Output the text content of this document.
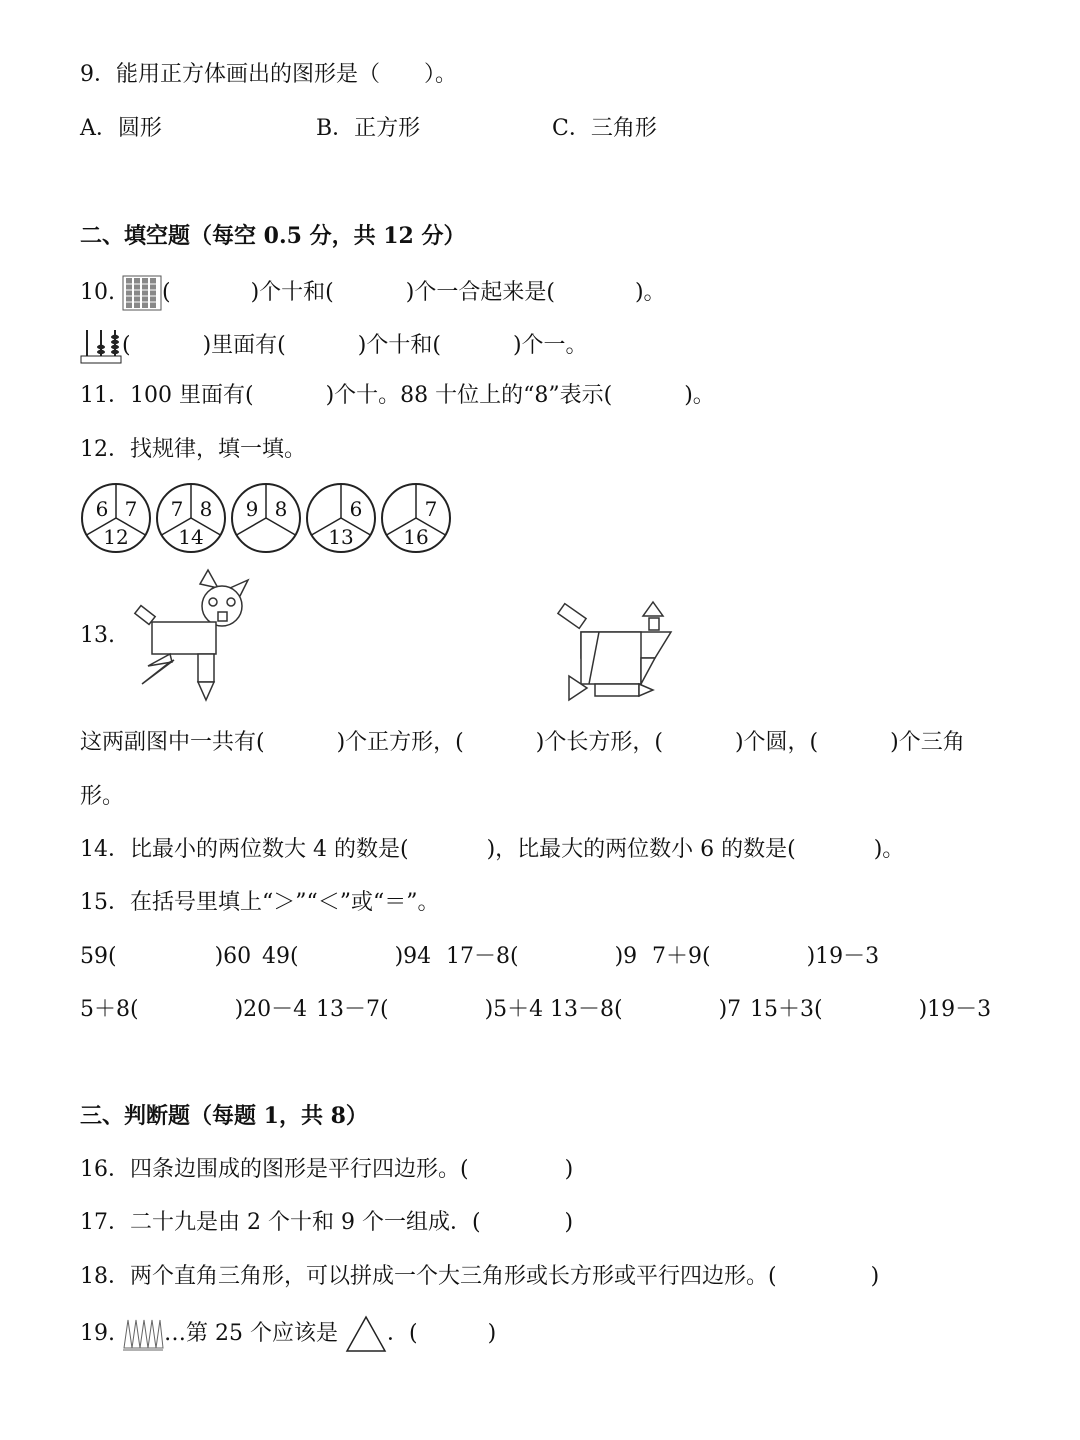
9．能用正方体画出的图形是（　　）。
A．圆形	B．正方形	C．三角形
二、填空题（每空 0.5 分，共 12 分）
10. (	)个十和(	)个一合起来是(	)。
(	)里面有(	)个十和(	)个一。
11．100 里面有(	)个十。88 十位上的“8”表示(	)。
12．找规律，填一填。
6 7
12
7 8
14
9 8	6
13
7
16
13.
这两副图中一共有(	)个正方形，(	)个长方形，(	)个圆，(	)个三角
形。
14．比最小的两位数大 4 的数是(	)，比最大的两位数小 6 的数是(	)。
15．在括号里填上“＞”“＜”或“＝”。
59(	)60 49(	)94 17－8(	)9 7＋9(	)19－3
5＋8(	)20－4 13－7(	)5＋4 13－8(	)7 15＋3(	)19－3
三、判断题（每题 1，共 8）
16．四条边围成的图形是平行四边形。(	)
17．二十九是由 2 个十和 9 个一组成．(	)
18．两个直角三角形，可以拼成一个大三角形或长方形或平行四边形。(	)
19. …第 25 个应该是 ．(	)
